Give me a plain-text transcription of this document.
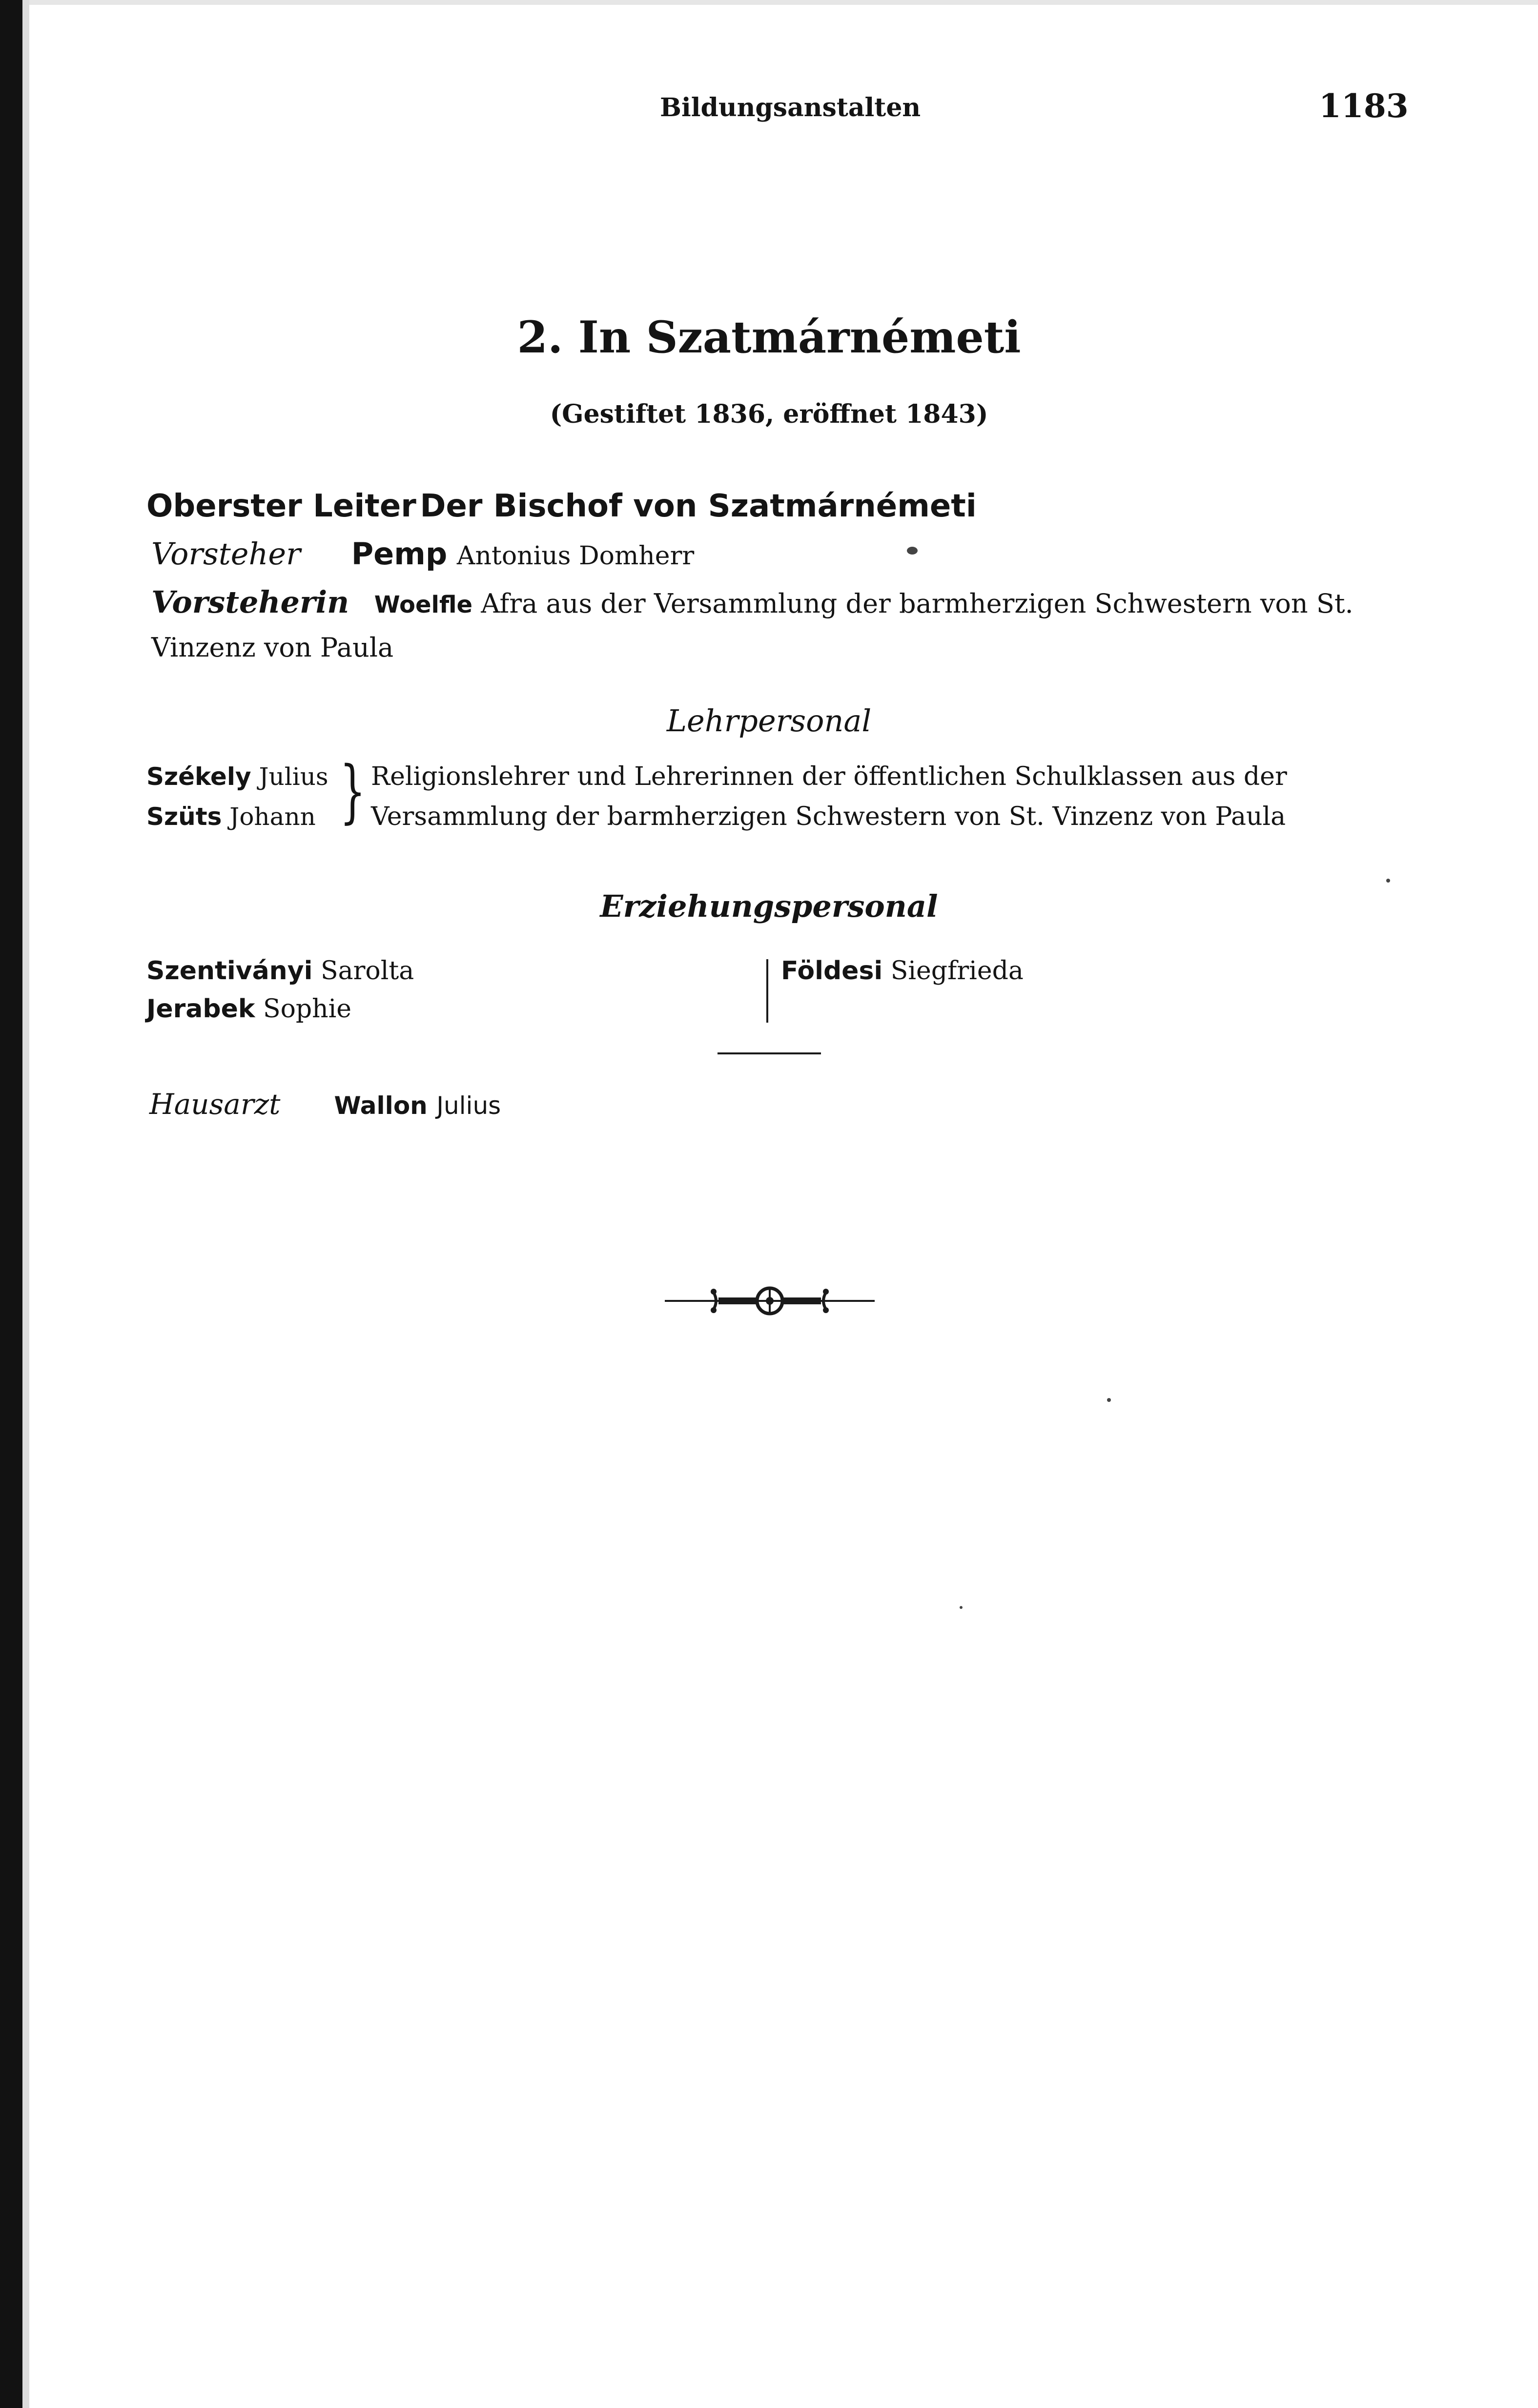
Bildungsanstalten	1183
2. In Szatmárnémeti
(Gestiftet 1836, eröffnet 1843)
Oberster Leiter Der Bischof von Szatmárnémeti
Vorsteher Pemp Antonius Domherr
Vorsteherin Woelfle Afra aus der Versammlung der barmherzigen Schwestern von St. Vinzenz von Paula
Lehrpersonal
Székely Julius
Szüts Johann } Religionslehrer und Lehrerinnen der öffentlichen Schulklassen aus der Versammlung der barmherzigen Schwestern von St. Vinzenz von Paula
Erziehungspersonal
Szentiványi Sarolta
Jerabek Sophie
Földesi Siegfrieda
Hausarzt Wallon Julius
